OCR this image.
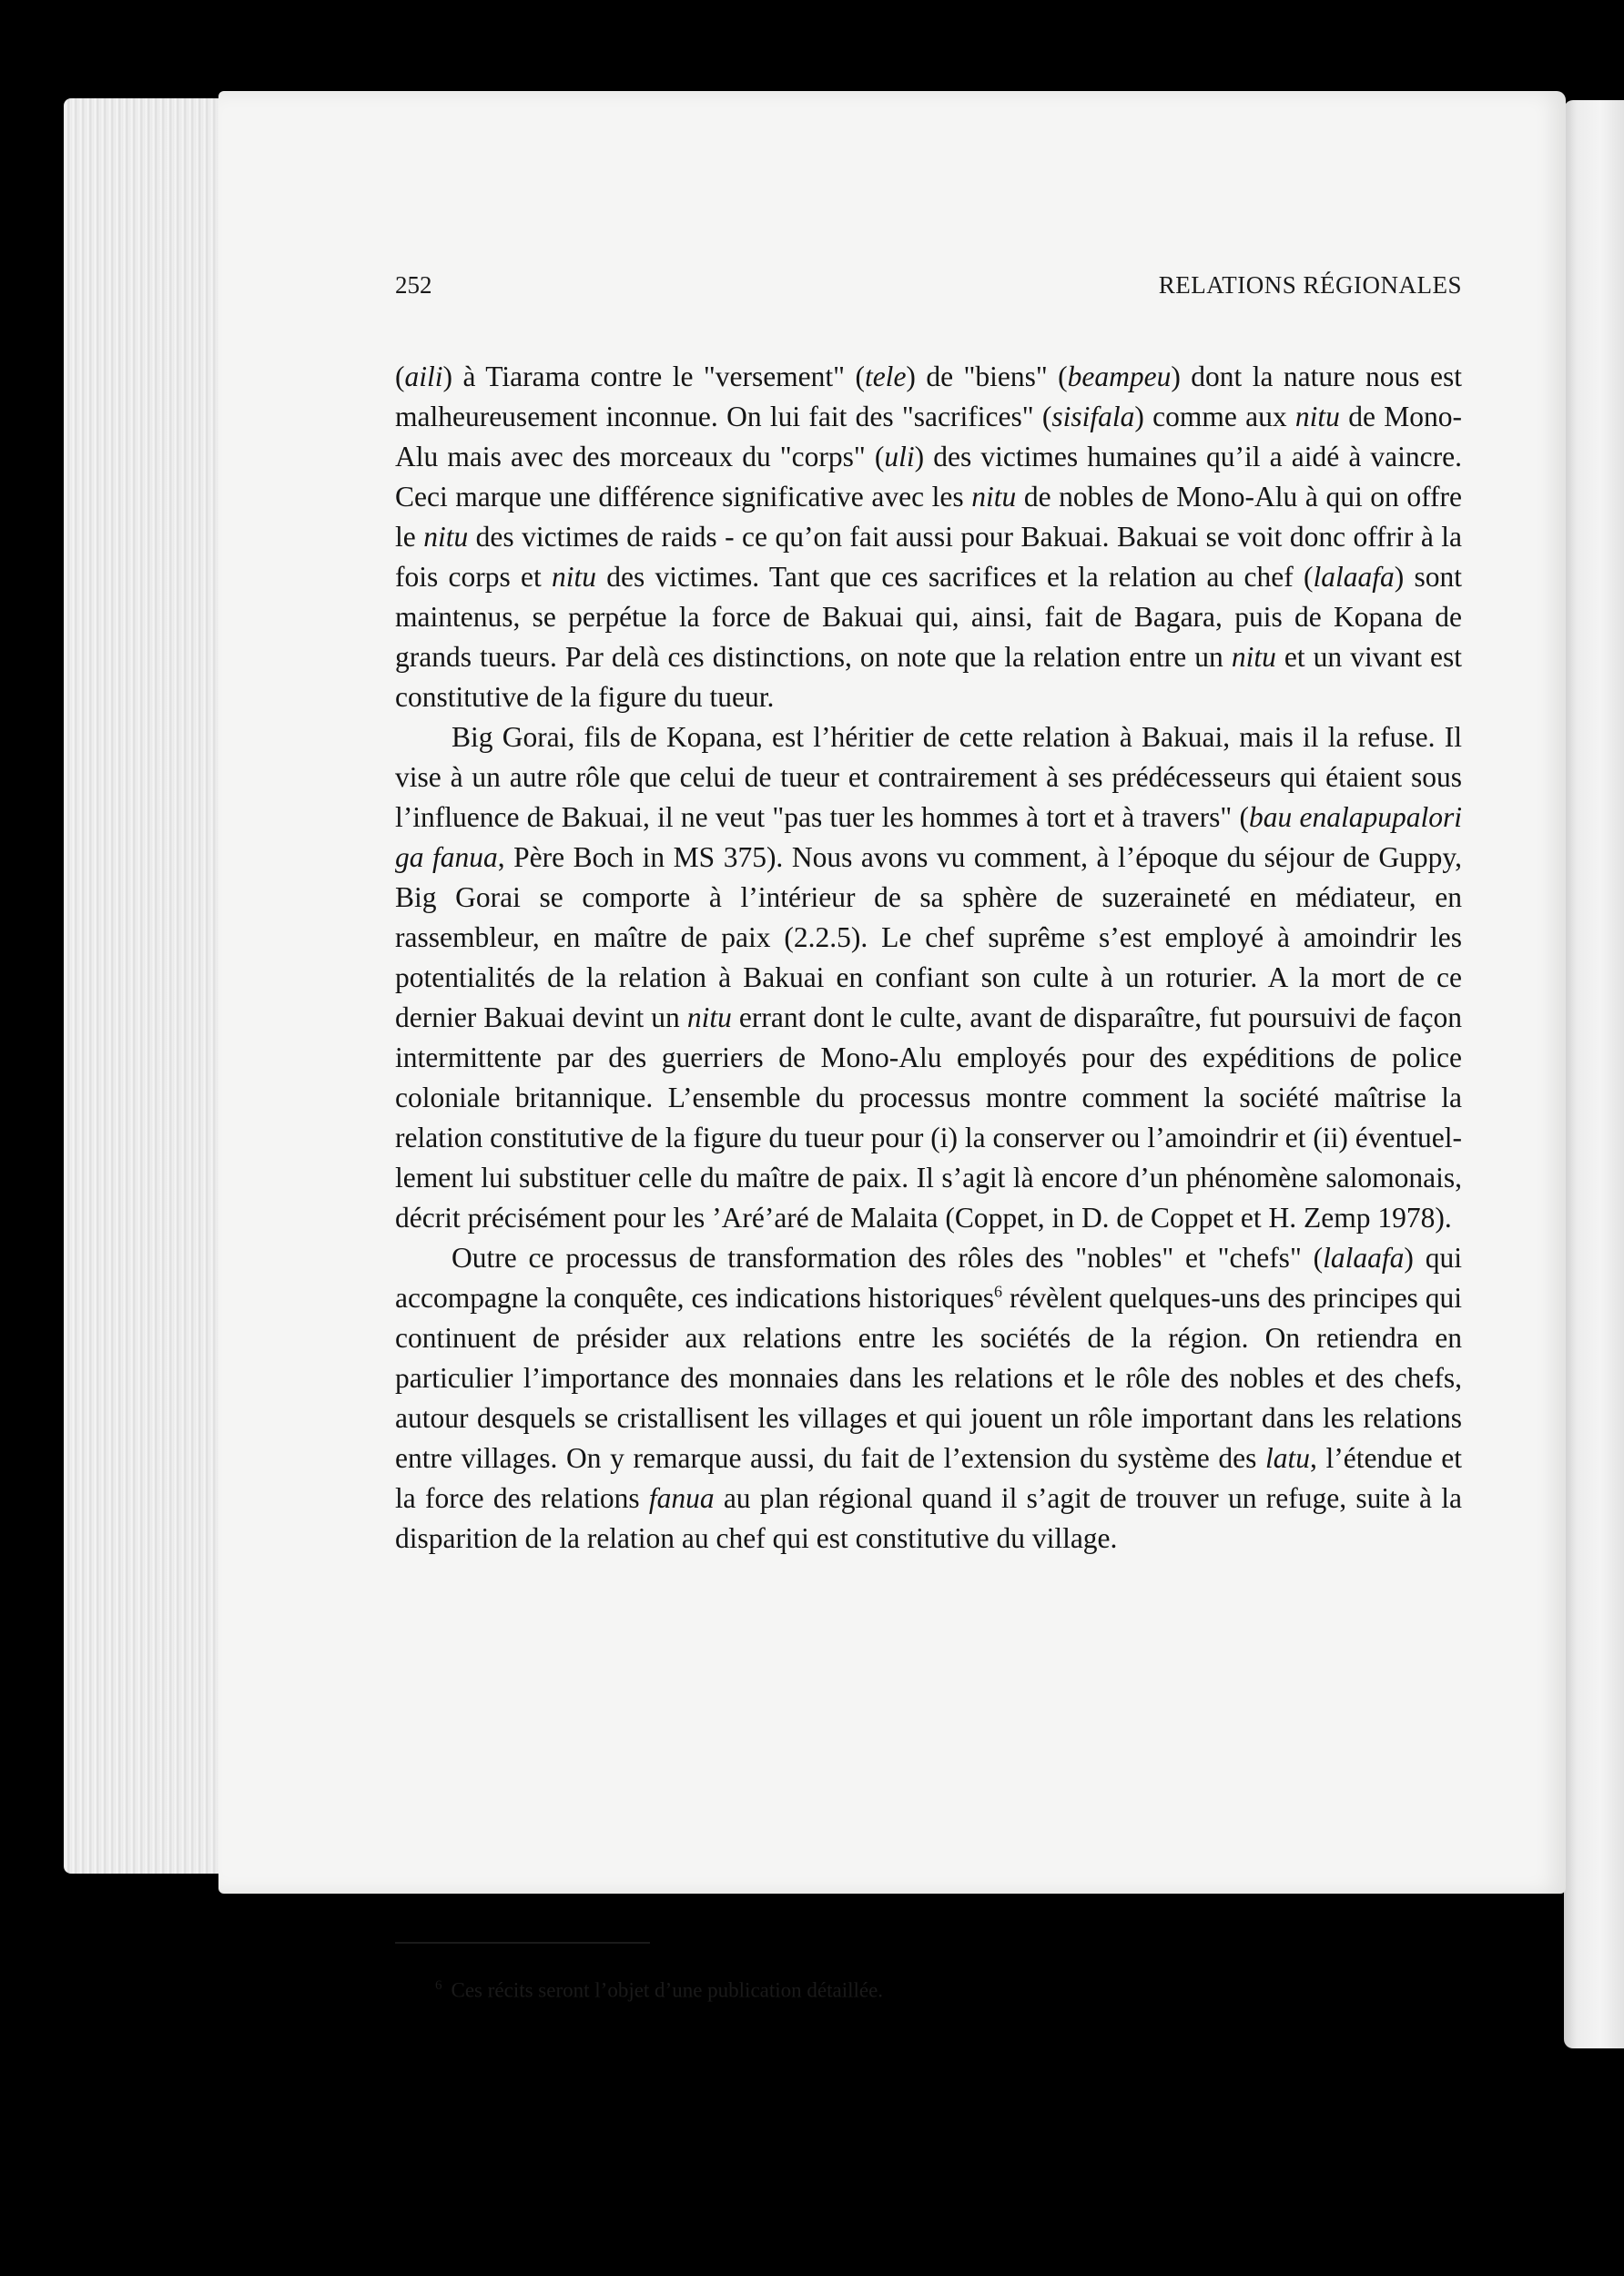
252	RELATIONS RÉGIONALES

(aili) à Tiarama contre le "versement" (tele) de "biens" (beampeu) dont la nature nous est malheureusement inconnue. On lui fait des "sacrifices" (sisifala) comme aux nitu de Mono-Alu mais avec des morceaux du "corps" (uli) des victimes humaines qu’il a aidé à vaincre. Ceci marque une différence significative avec les nitu de nobles de Mono-Alu à qui on offre le nitu des victimes de raids - ce qu’on fait aussi pour Bakuai. Bakuai se voit donc offrir à la fois corps et nitu des victimes. Tant que ces sacrifices et la relation au chef (lalaafa) sont maintenus, se perpétue la force de Bakuai qui, ainsi, fait de Bagara, puis de Kopana de grands tueurs. Par delà ces distinctions, on note que la relation entre un nitu et un vivant est constitutive de la figure du tueur.

Big Gorai, fils de Kopana, est l’héritier de cette relation à Bakuai, mais il la refuse. Il vise à un autre rôle que celui de tueur et contrairement à ses prédécesseurs qui étaient sous l’influence de Bakuai, il ne veut "pas tuer les hommes à tort et à travers" (bau enalapupalori ga fanua, Père Boch in MS 375). Nous avons vu comment, à l’époque du séjour de Guppy, Big Gorai se comporte à l’intérieur de sa sphère de suzeraineté en médiateur, en rassembleur, en maître de paix (2.2.5). Le chef suprême s’est employé à amoindrir les potentialités de la relation à Bakuai en confiant son culte à un roturier. A la mort de ce dernier Bakuai devint un nitu errant dont le culte, avant de disparaître, fut poursuivi de façon intermittente par des guerriers de Mono-Alu employés pour des expéditions de police coloniale britannique. L’ensemble du processus montre comment la société maîtrise la relation constitutive de la figure du tueur pour (i) la conserver ou l’amoindrir et (ii) éventuellement lui substituer celle du maître de paix. Il s’agit là encore d’un phénomène salomonais, décrit précisément pour les ’Aré’aré de Malaita (Coppet, in D. de Coppet et H. Zemp 1978).

Outre ce processus de transformation des rôles des "nobles" et "chefs" (lalaafa) qui accompagne la conquête, ces indications historiques$^6$ révèlent quelques-uns des principes qui continuent de présider aux relations entre les sociétés de la région. On retiendra en particulier l’importance des monnaies dans les relations et le rôle des nobles et des chefs, autour desquels se cristallisent les villages et qui jouent un rôle important dans les relations entre villages. On y remarque aussi, du fait de l’extension du système des latu, l’étendue et la force des relations fanua au plan régional quand il s’agit de trouver un refuge, suite à la disparition de la relation au chef qui est constitutive du village.

$^6$ Ces récits seront l’objet d’une publication détaillée.
